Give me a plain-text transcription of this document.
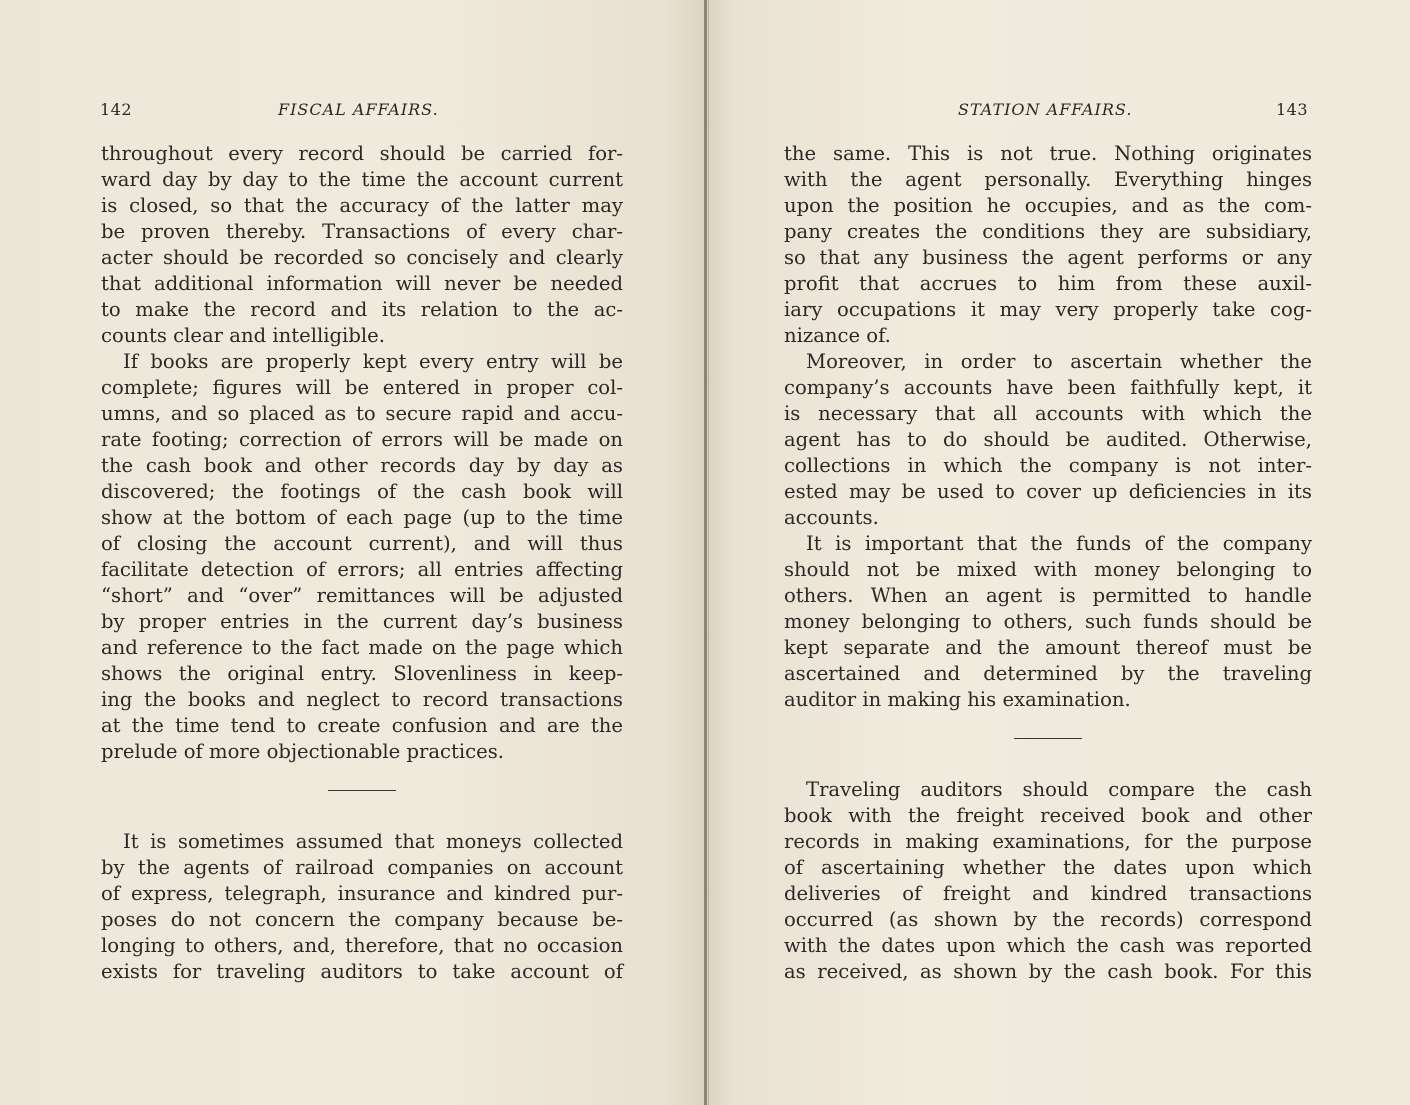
142	FISCAL AFFAIRS.
throughout every record should be carried for-
ward day by day to the time the account current
is closed, so that the accuracy of the latter may
be proven thereby. Transactions of every char-
acter should be recorded so concisely and clearly
that additional information will never be needed
to make the record and its relation to the ac-
counts clear and intelligible.
If books are properly kept every entry will be
complete; figures will be entered in proper col-
umns, and so placed as to secure rapid and accu-
rate footing; correction of errors will be made on
the cash book and other records day by day as
discovered; the footings of the cash book will
show at the bottom of each page (up to the time
of closing the account current), and will thus
facilitate detection of errors; all entries affecting
“short” and “over” remittances will be adjusted
by proper entries in the current day’s business
and reference to the fact made on the page which
shows the original entry. Slovenliness in keep-
ing the books and neglect to record transactions
at the time tend to create confusion and are the
prelude of more objectionable practices.
It is sometimes assumed that moneys collected
by the agents of railroad companies on account
of express, telegraph, insurance and kindred pur-
poses do not concern the company because be-
longing to others, and, therefore, that no occasion
exists for traveling auditors to take account of
STATION AFFAIRS.	143
the same. This is not true. Nothing originates
with the agent personally. Everything hinges
upon the position he occupies, and as the com-
pany creates the conditions they are subsidiary,
so that any business the agent performs or any
profit that accrues to him from these auxil-
iary occupations it may very properly take cog-
nizance of.
Moreover, in order to ascertain whether the
company’s accounts have been faithfully kept, it
is necessary that all accounts with which the
agent has to do should be audited. Otherwise,
collections in which the company is not inter-
ested may be used to cover up deficiencies in its
accounts.
It is important that the funds of the company
should not be mixed with money belonging to
others. When an agent is permitted to handle
money belonging to others, such funds should be
kept separate and the amount thereof must be
ascertained and determined by the traveling
auditor in making his examination.
Traveling auditors should compare the cash
book with the freight received book and other
records in making examinations, for the purpose
of ascertaining whether the dates upon which
deliveries of freight and kindred transactions
occurred (as shown by the records) correspond
with the dates upon which the cash was reported
as received, as shown by the cash book. For this
